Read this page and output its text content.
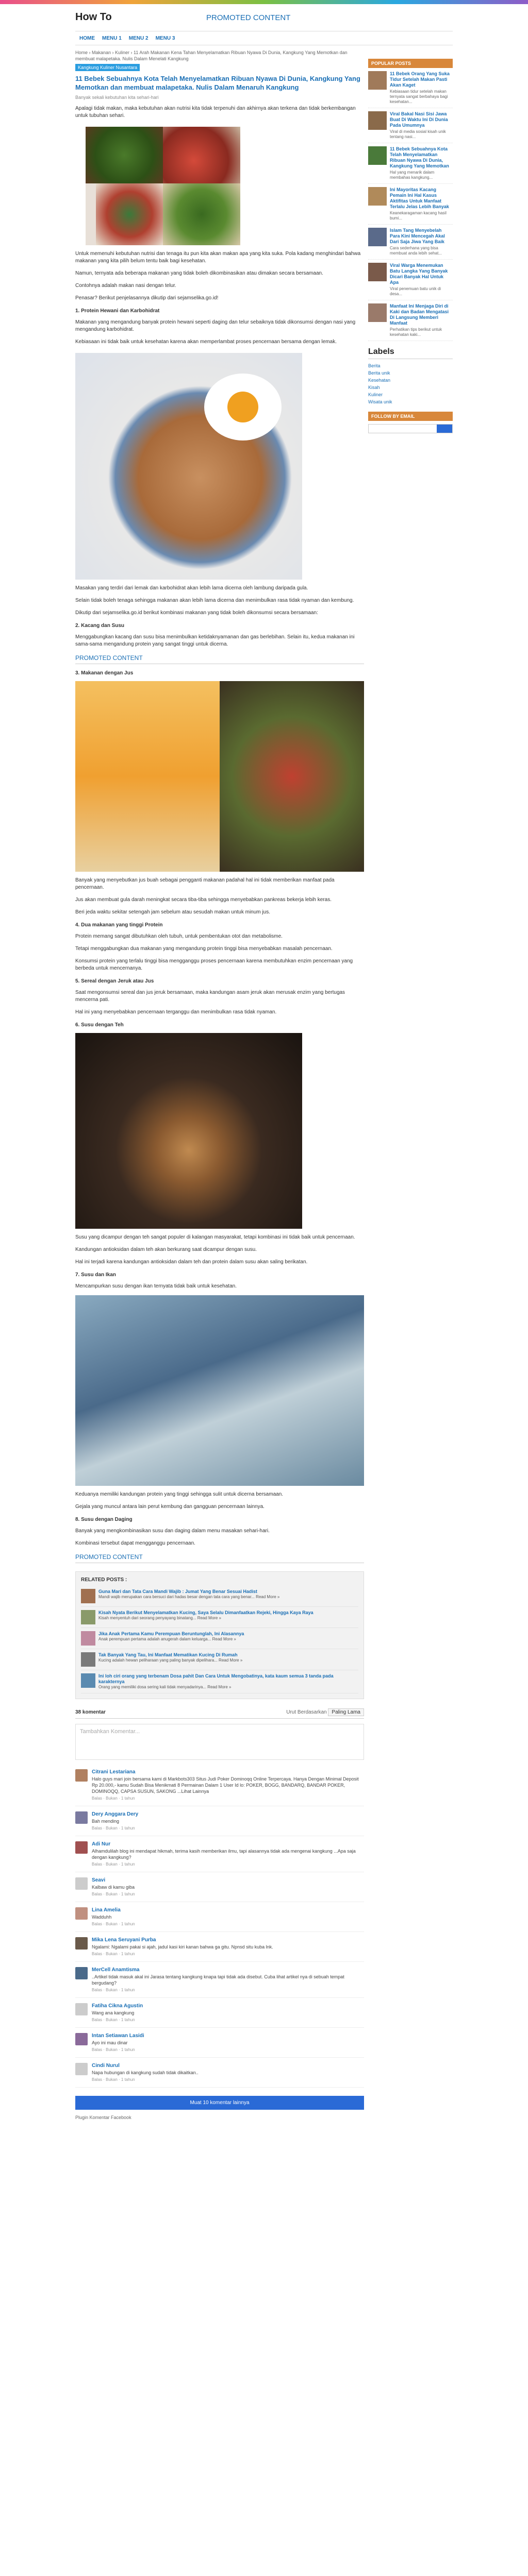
How To	PROMOTED CONTENT
HOME MENU 1 MENU 2 MENU 3
Home › Makanan › Kuliner › 11 Arah Makanan Kena Tahan Menyelamatkan Ribuan Nyawa Di Dunia, Kangkung Yang Memotkan dan membuat malapetaka. Nulis Dalam Menelati Kangkung
Kangkung Kuliner Nusantara
11 Bebek Sebuahnya Kota Telah Menyelamatkan Ribuan Nyawa Di Dunia, Kangkung Yang Memotkan dan membuat malapetaka. Nulis Dalam Menaruh Kangkung
Banyak sekali kebutuhan kita sehari-hari

Apalagi tidak makan, maka kebutuhan akan nutrisi kita tidak terpenuhi dan akhirnya akan terkena dan tidak berkembangan untuk tubuhan sehari.

Untuk memenuhi kebutuhan nutrisi dan tenaga itu pun kita akan makan apa yang kita suka. Pola kadang menghindari bahwa makanan yang kita pilih belum tentu baik bagi kesehatan.

Namun, ternyata ada beberapa makanan yang tidak boleh dikombinasikan atau dimakan secara bersamaan.

Contohnya adalah makan nasi dengan telur.

Penasar? Berikut penjelasannya dikutip dari sejamselika.go.id!

1. Protein Hewani dan Karbohidrat

Makanan yang mengandung banyak protein hewani seperti daging dan telur sebaiknya tidak dikonsumsi dengan nasi yang mengandung karbohidrat.

Kebiasaan ini tidak baik untuk kesehatan karena akan memperlambat proses pencernaan bersama dengan lemak.

Masakan yang terdiri dari lemak dan karbohidrat akan lebih lama dicerna oleh lambung daripada gula.

Selain tidak boleh tenaga sehingga makanan akan lebih lama dicerna dan menimbulkan rasa tidak nyaman dan kembung.

Dikutip dari sejamselika.go.id berikut kombinasi makanan yang tidak boleh dikonsumsi secara bersamaan:

2. Kacang dan Susu

Menggabungkan kacang dan susu bisa menimbulkan ketidaknyamanan dan gas berlebihan. Selain itu, kedua makanan ini sama-sama mengandung protein yang sangat tinggi untuk dicerna.

PROMOTED CONTENT
3. Makanan dengan Jus

Banyak yang menyebutkan jus buah sebagai pengganti makanan padahal hal ini tidak memberikan manfaat pada pencernaan.

Jus akan membuat gula darah meningkat secara tiba-tiba sehingga menyebabkan pankreas bekerja lebih keras.

Beri jeda waktu sekitar setengah jam sebelum atau sesudah makan untuk minum jus.

4. Dua makanan yang tinggi Protein

Protein memang sangat dibutuhkan oleh tubuh, untuk pembentukan otot dan metabolisme.

Tetapi menggabungkan dua makanan yang mengandung protein tinggi bisa menyebabkan masalah pencernaan.

Konsumsi protein yang terlalu tinggi bisa mengganggu proses pencernaan karena membutuhkan enzim pencernaan yang berbeda untuk mencernanya.

5. Sereal dengan Jeruk atau Jus

Saat mengonsumsi sereal dan jus jeruk bersamaan, maka kandungan asam jeruk akan merusak enzim yang bertugas mencerna pati.

Hal ini yang menyebabkan pencernaan terganggu dan menimbulkan rasa tidak nyaman.

6. Susu dengan Teh

Susu yang dicampur dengan teh sangat populer di kalangan masyarakat, tetapi kombinasi ini tidak baik untuk pencernaan.

Kandungan antioksidan dalam teh akan berkurang saat dicampur dengan susu.

Hal ini terjadi karena kandungan antioksidan dalam teh dan protein dalam susu akan saling berikatan.

7. Susu dan Ikan

Mencampurkan susu dengan ikan ternyata tidak baik untuk kesehatan.

Keduanya memiliki kandungan protein yang tinggi sehingga sulit untuk dicerna bersamaan.

Gejala yang muncul antara lain perut kembung dan gangguan pencernaan lainnya.

8. Susu dengan Daging

Banyak yang mengkombinasikan susu dan daging dalam menu masakan sehari-hari.

Kombinasi tersebut dapat mengganggu pencernaan.

PROMOTED CONTENT
RELATED POSTS :
Guna Mari dan Tata Cara Mandi Wajib : Jumat Yang Benar Sesuai Hadist
Mandi wajib merupakan cara bersuci dari hadas besar dengan tata cara yang benar... Read More »
Kisah Nyata Berikut Menyelamatkan Kucing, Saya Selalu Dimanfaatkan Rejeki, Hingga Kaya Raya
Kisah menyentuh dari seorang penyayang binatang... Read More »
Jika Anak Pertama Kamu Perempuan Beruntunglah, Ini Alasannya
Anak perempuan pertama adalah anugerah dalam keluarga... Read More »
Tak Banyak Yang Tau, Ini Manfaat Mematikan Kucing Di Rumah
Kucing adalah hewan peliharaan yang paling banyak dipelihara... Read More »
Ini loh ciri orang yang terbenam Dosa pahit Dan Cara Untuk Mengobatinya, kata kaum semua 3 tanda pada karakternya
Orang yang memiliki dosa sering kali tidak menyadarinya... Read More »
38 komentar	Urut Berdasarkan Paling Lama
Tambahkan Komentar...
Citrani Lestariana
Halo guys mari join bersama kami di Markbots303 Situs Judi Poker Dominoqq Online Terpercaya. Hanya Dengan Minimal Deposit Rp 20.000,- kamu Sudah Bisa Menikmati 8 Permainan Dalam 1 User Id lo: POKER, BOGG, BANDARQ, BANDAR POKER, DOMINOQQ, CAPSA SUSUN, SAKONG ...Lihat Lainnya
Balas · Bukan · 1 tahun
Dery Anggara Dery
Bah mending
Balas · Bukan · 1 tahun
Adi Nur
Alhamdulilah blog ini mendapat hikmah, terima kasih memberikan ilmu, tapi alasannya tidak ada mengenai kangkung ...Apa saja dengan kangkung?
Balas · Bukan · 1 tahun
Seavi
Kalbaw di kamu giba
Balas · Bukan · 1 tahun
Lina Amelia
Wadduhh
Balas · Bukan · 1 tahun
Mika Lena Seruyani Purba
Ngalami: Ngalami pakai si ajah, jadul kasi kiri kanan bahwa ga gitu. Npnsd situ kuba lnk.
Balas · Bukan · 1 tahun
MerCell Anamtisma
..Artikel tidak masuk akal ini Jarasa tentang kangkung knapa tapi tidak ada disebut. Cuba lihat artikel nya di sebuah tempat bergudang?
Balas · Bukan · 1 tahun
Fatiha Cikna Agustin
Wang ana kangkung
Balas · Bukan · 1 tahun
Intan Setiawan Lasidi
Ayo ini mau dinar
Balas · Bukan · 1 tahun
Cindi Nurul
Napa hubungan di kangkung sudah tidak dikaitkan..
Balas · Bukan · 1 tahun
Muat 10 komentar lainnya
Plugin Komentar Facebook
POPULAR POSTS
11 Bebek Orang Yang Suka Tidur Setelah Makan Pasti Akan Kaget
Kebiasaan tidur setelah makan ternyata sangat berbahaya bagi kesehatan...
Viral Bakal Nasi Sisi Jawa Buat Di Waktu Ini Di Dunia Pada Umumnya
Viral di media sosial kisah unik tentang nasi...
11 Bebek Sebuahnya Kota Telah Menyelamatkan Ribuan Nyawa Di Dunia, Kangkung Yang Memotkan
Hal yang menarik dalam membahas kangkung...
Ini Mayoritas Kacang Pemain Ini Hal Kasus Aktifitas Untuk Manfaat Terlalu Jelas Lebih Banyak
Keanekaragaman kacang hasil bumi...
Islam Tang Menyebelah Para Kini Mencegah Akal Dari Saja Jiwa Yang Baik
Cara sederhana yang bisa membuat anda lebih sehat...
Viral Warga Menemukan Batu Langka Yang Banyak Dicari Banyak Hal Untuk Apa
Viral penemuan batu unik di desa...
Manfaat Ini Menjaga Diri di Kaki dan Badan Mengatasi Di Langsung Memberi Manfaat
Perhatikan tips berikut untuk kesehatan kaki...
Labels
Berita
Berita unik
Kesehatan
Kisah
Kuliner
Wisata unik
FOLLOW BY EMAIL
